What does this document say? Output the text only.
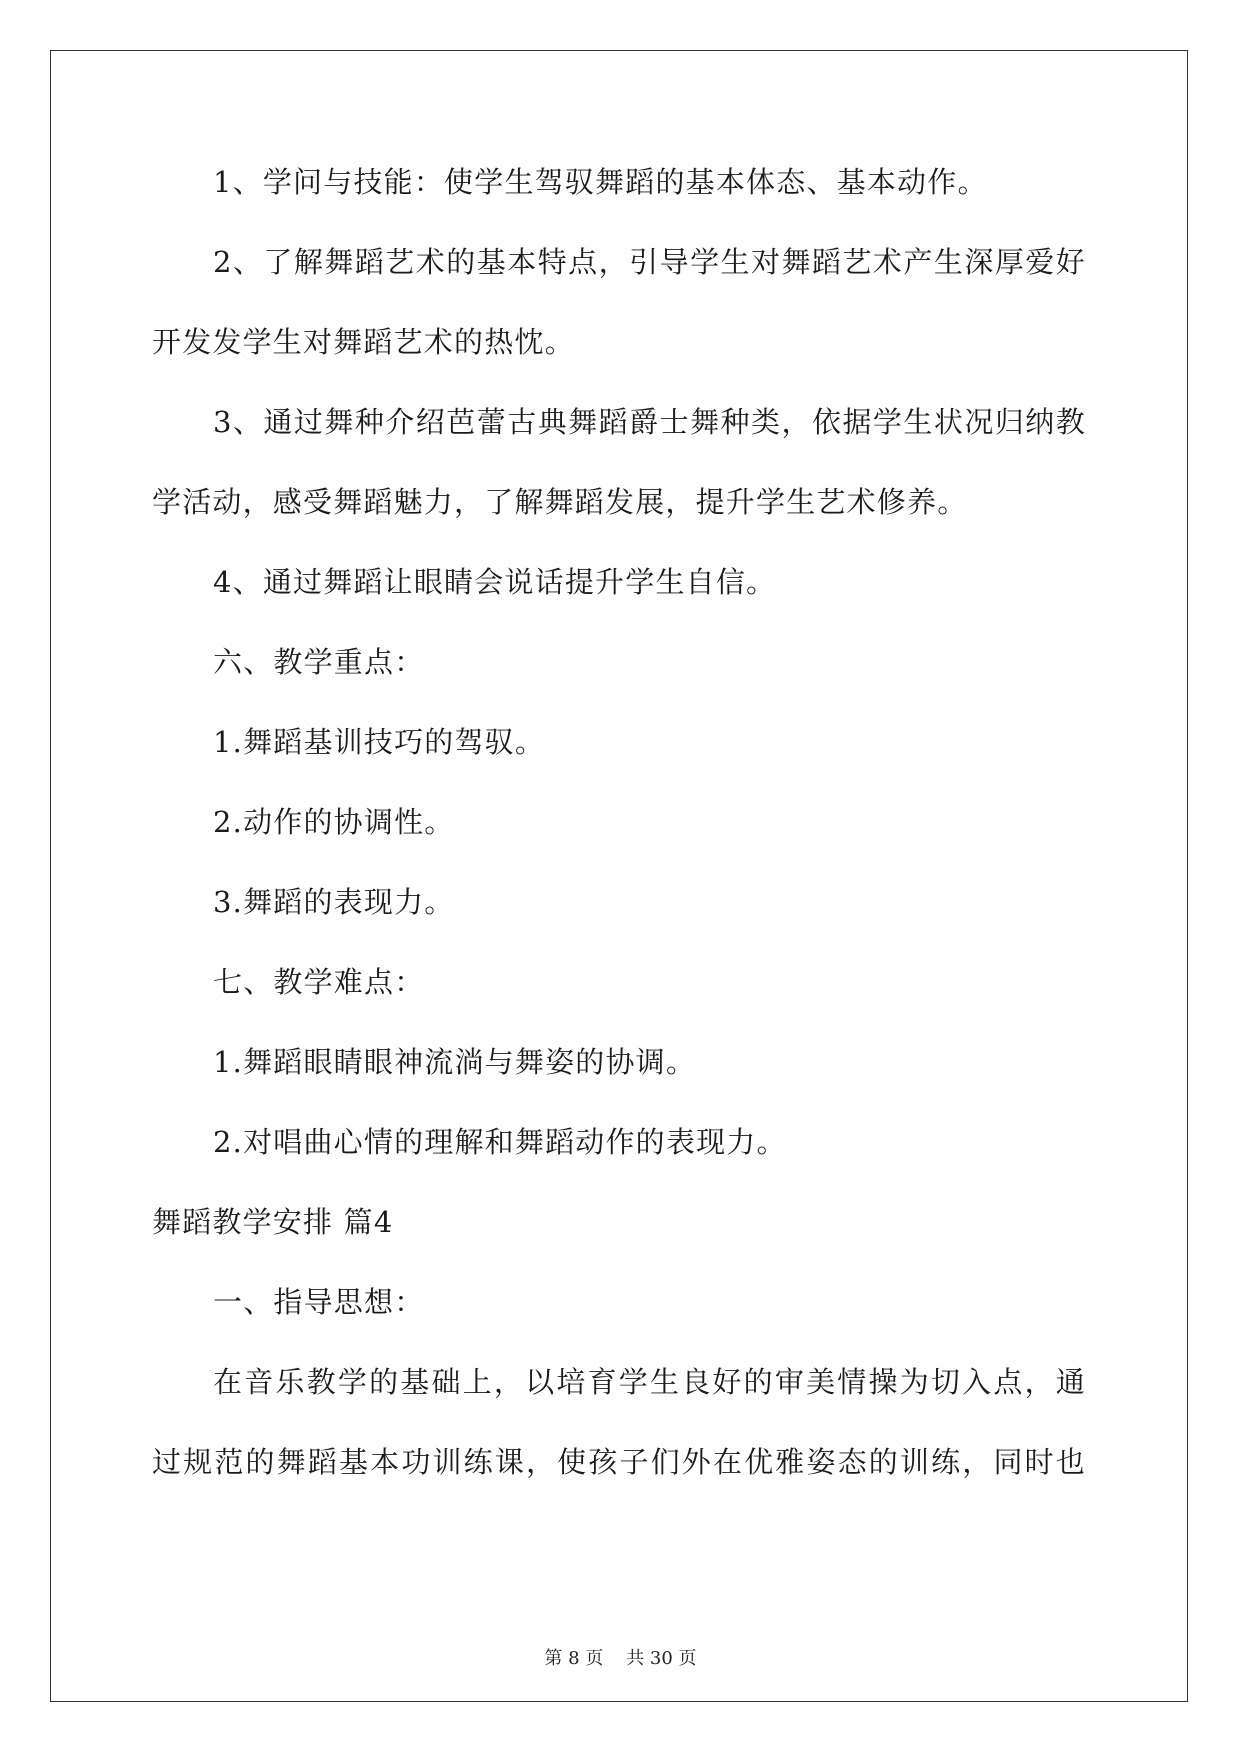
1、学问与技能：使学生驾驭舞蹈的基本体态、基本动作。
2、了解舞蹈艺术的基本特点，引导学生对舞蹈艺术产生深厚爱好
开发发学生对舞蹈艺术的热忱。
3、通过舞种介绍芭蕾古典舞蹈爵士舞种类，依据学生状况归纳教
学活动，感受舞蹈魅力，了解舞蹈发展，提升学生艺术修养。
4、通过舞蹈让眼睛会说话提升学生自信。
六、教学重点：
1.舞蹈基训技巧的驾驭。
2.动作的协调性。
3.舞蹈的表现力。
七、教学难点：
1.舞蹈眼睛眼神流淌与舞姿的协调。
2.对唱曲心情的理解和舞蹈动作的表现力。
舞蹈教学安排 篇4
一、指导思想：
在音乐教学的基础上，以培育学生良好的审美情操为切入点，通
过规范的舞蹈基本功训练课，使孩子们外在优雅姿态的训练，同时也
第 8 页    共 30 页
